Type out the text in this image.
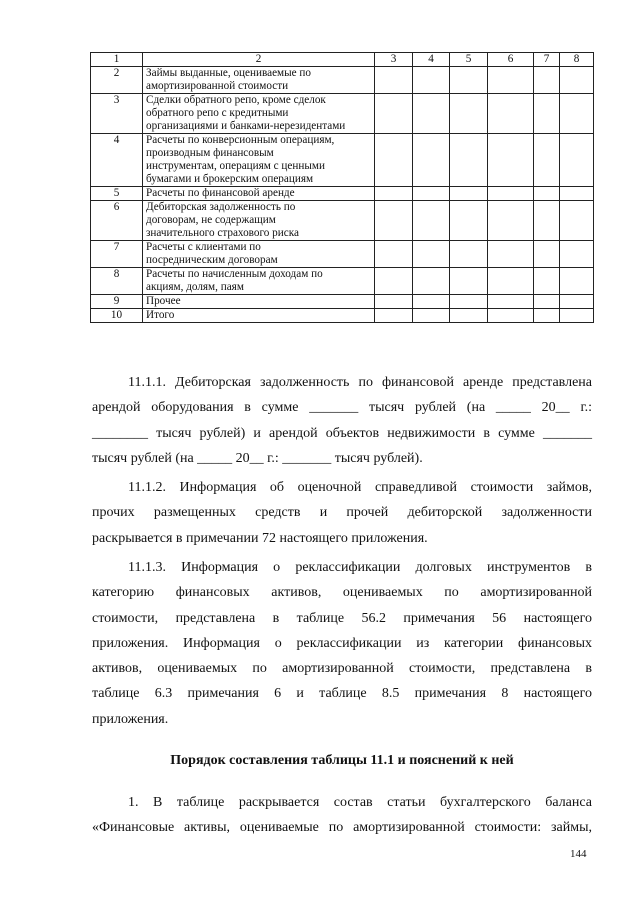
1	2	3	4	5	6	7	8
2	Займы выданные, оцениваемые по
амортизированной стоимости						

3	Сделки обратного репо, кроме сделок
обратного репо с кредитными
организациями и банками-нерезидентами						

4	Расчеты по конверсионным операциям,
производным финансовым
инструментам, операциям с ценными
бумагами и брокерским операциям						

5	Расчеты по финансовой аренде						

6	Дебиторская задолженность по
договорам, не содержащим
значительного страхового риска						

7	Расчеты с клиентами по
посредническим договорам						

8	Расчеты по начисленным доходам по
акциям, долям, паям						

9	Прочее						

10	Итого						

11.1.1. Дебиторская задолженность по финансовой аренде представлена
арендой оборудования в сумме _______ тысяч рублей (на _____ 20__ г.:
________ тысяч рублей) и арендой объектов недвижимости в сумме _______
тысяч рублей (на _____ 20__ г.: _______ тысяч рублей).
11.1.2. Информация об оценочной справедливой стоимости займов,
прочих размещенных средств и прочей дебиторской задолженности
раскрывается в примечании 72 настоящего приложения.
11.1.3. Информация о реклассификации долговых инструментов в
категорию финансовых активов, оцениваемых по амортизированной
стоимости, представлена в таблице 56.2 примечания 56 настоящего
приложения. Информация о реклассификации из категории финансовых
активов, оцениваемых по амортизированной стоимости, представлена в
таблице 6.3 примечания 6 и таблице 8.5 примечания 8 настоящего
приложения.
Порядок составления таблицы 11.1 и пояснений к ней
1. В таблице раскрывается состав статьи бухгалтерского баланса
«Финансовые активы, оцениваемые по амортизированной стоимости: займы,
144
